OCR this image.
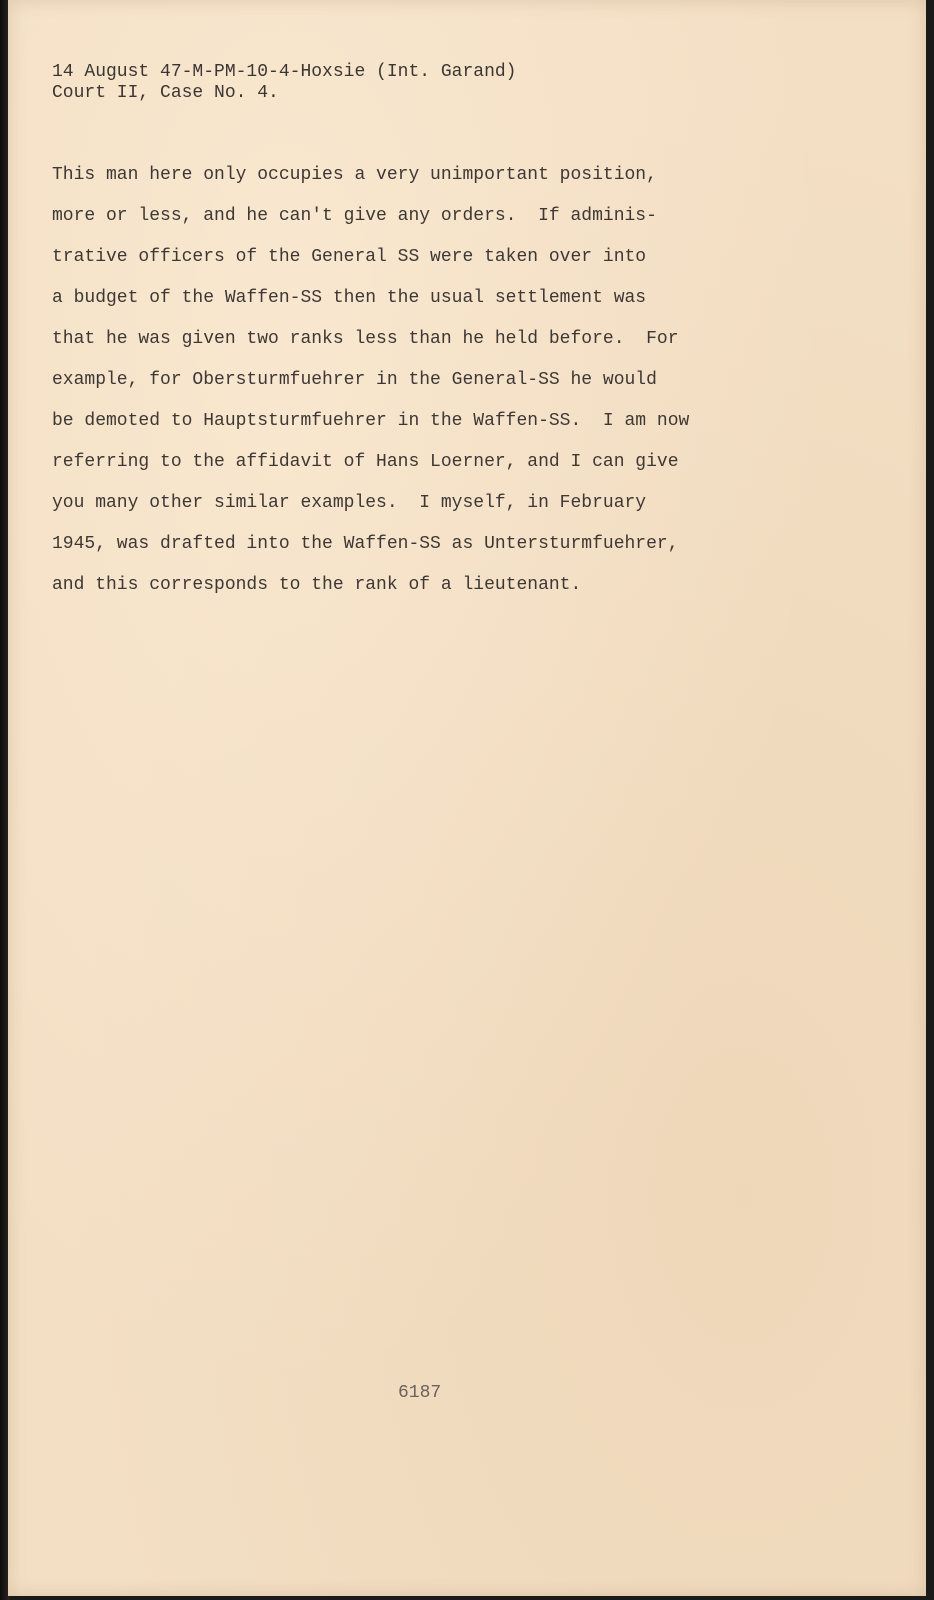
14 August 47-M-PM-10-4-Hoxsie (Int. Garand)
Court II, Case No. 4.
This man here only occupies a very unimportant position,
more or less, and he can't give any orders.  If adminis-
trative officers of the General SS were taken over into
a budget of the Waffen-SS then the usual settlement was
that he was given two ranks less than he held before.  For
example, for Obersturmfuehrer in the General-SS he would
be demoted to Hauptsturmfuehrer in the Waffen-SS.  I am now
referring to the affidavit of Hans Loerner, and I can give
you many other similar examples.  I myself, in February
1945, was drafted into the Waffen-SS as Untersturmfuehrer,
and this corresponds to the rank of a lieutenant.
6187
